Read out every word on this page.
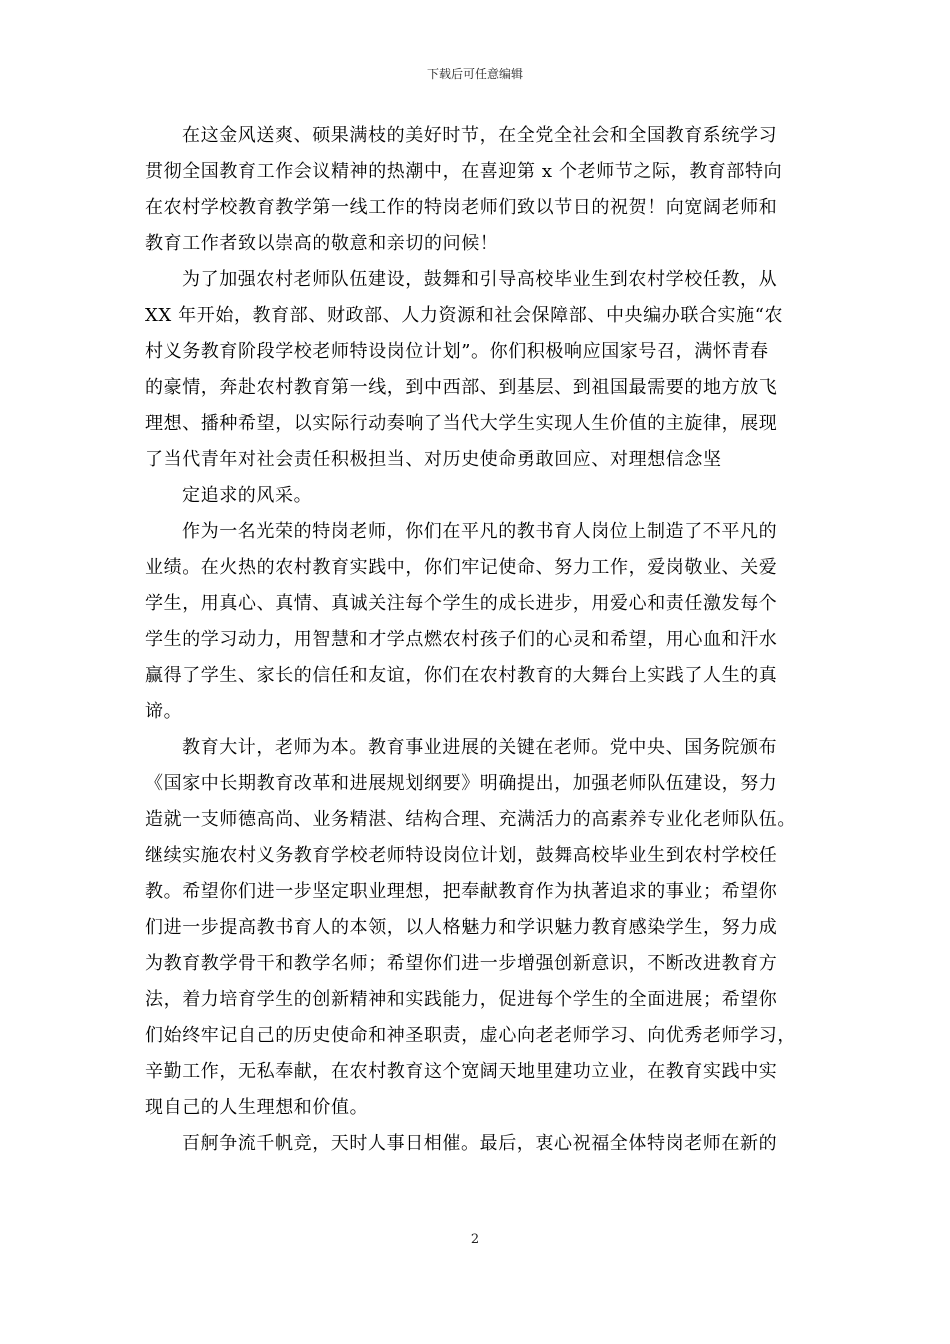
下载后可任意编辑
在这金风送爽、硕果满枝的美好时节，在全党全社会和全国教育系统学习
贯彻全国教育工作会议精神的热潮中，在喜迎第 x 个老师节之际，教育部特向
在农村学校教育教学第一线工作的特岗老师们致以节日的祝贺！向宽阔老师和
教育工作者致以崇高的敬意和亲切的问候！
为了加强农村老师队伍建设，鼓舞和引导高校毕业生到农村学校任教，从
XX 年开始，教育部、财政部、人力资源和社会保障部、中央编办联合实施“农
村义务教育阶段学校老师特设岗位计划”。你们积极响应国家号召，满怀青春
的豪情，奔赴农村教育第一线，到中西部、到基层、到祖国最需要的地方放飞
理想、播种希望，以实际行动奏响了当代大学生实现人生价值的主旋律，展现
了当代青年对社会责任积极担当、对历史使命勇敢回应、对理想信念坚
定追求的风采。
作为一名光荣的特岗老师，你们在平凡的教书育人岗位上制造了不平凡的
业绩。在火热的农村教育实践中，你们牢记使命、努力工作，爱岗敬业、关爱
学生，用真心、真情、真诚关注每个学生的成长进步，用爱心和责任激发每个
学生的学习动力，用智慧和才学点燃农村孩子们的心灵和希望，用心血和汗水
赢得了学生、家长的信任和友谊，你们在农村教育的大舞台上实践了人生的真
谛。
教育大计，老师为本。教育事业进展的关键在老师。党中央、国务院颁布
《国家中长期教育改革和进展规划纲要》明确提出，加强老师队伍建设，努力
造就一支师德高尚、业务精湛、结构合理、充满活力的高素养专业化老师队伍。
继续实施农村义务教育学校老师特设岗位计划，鼓舞高校毕业生到农村学校任
教。希望你们进一步坚定职业理想，把奉献教育作为执著追求的事业；希望你
们进一步提高教书育人的本领，以人格魅力和学识魅力教育感染学生，努力成
为教育教学骨干和教学名师；希望你们进一步增强创新意识，不断改进教育方
法，着力培育学生的创新精神和实践能力，促进每个学生的全面进展；希望你
们始终牢记自己的历史使命和神圣职责，虚心向老老师学习、向优秀老师学习，
辛勤工作，无私奉献，在农村教育这个宽阔天地里建功立业，在教育实践中实
现自己的人生理想和价值。
百舸争流千帆竞，天时人事日相催。最后，衷心祝福全体特岗老师在新的
2
